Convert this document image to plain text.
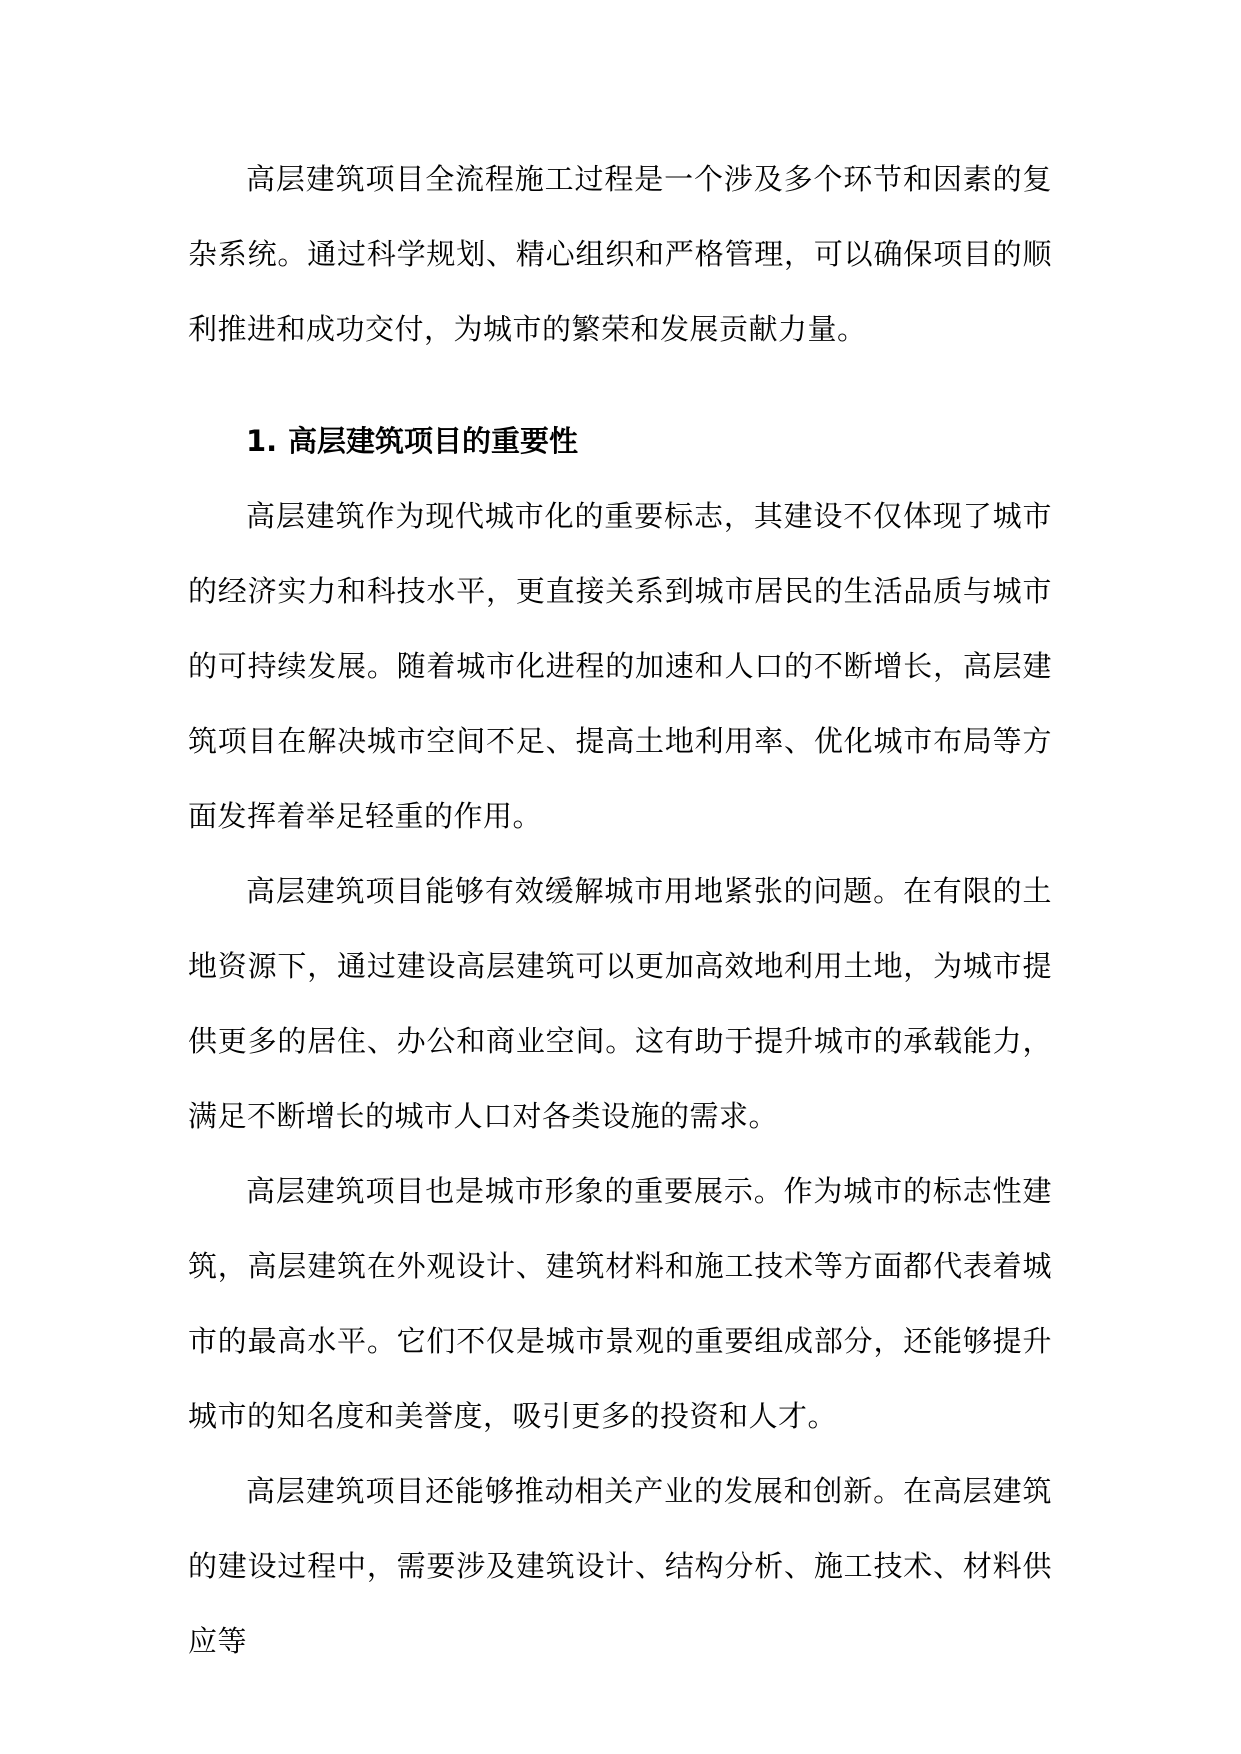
高层建筑项目全流程施工过程是一个涉及多个环节和因素的复杂系统。通过科学规划、精心组织和严格管理，可以确保项目的顺利推进和成功交付，为城市的繁荣和发展贡献力量。

1. 高层建筑项目的重要性

高层建筑作为现代城市化的重要标志，其建设不仅体现了城市的经济实力和科技水平，更直接关系到城市居民的生活品质与城市的可持续发展。随着城市化进程的加速和人口的不断增长，高层建筑项目在解决城市空间不足、提高土地利用率、优化城市布局等方面发挥着举足轻重的作用。

高层建筑项目能够有效缓解城市用地紧张的问题。在有限的土地资源下，通过建设高层建筑可以更加高效地利用土地，为城市提供更多的居住、办公和商业空间。这有助于提升城市的承载能力，满足不断增长的城市人口对各类设施的需求。

高层建筑项目也是城市形象的重要展示。作为城市的标志性建筑，高层建筑在外观设计、建筑材料和施工技术等方面都代表着城市的最高水平。它们不仅是城市景观的重要组成部分，还能够提升城市的知名度和美誉度，吸引更多的投资和人才。

高层建筑项目还能够推动相关产业的发展和创新。在高层建筑的建设过程中，需要涉及建筑设计、结构分析、施工技术、材料供应等
